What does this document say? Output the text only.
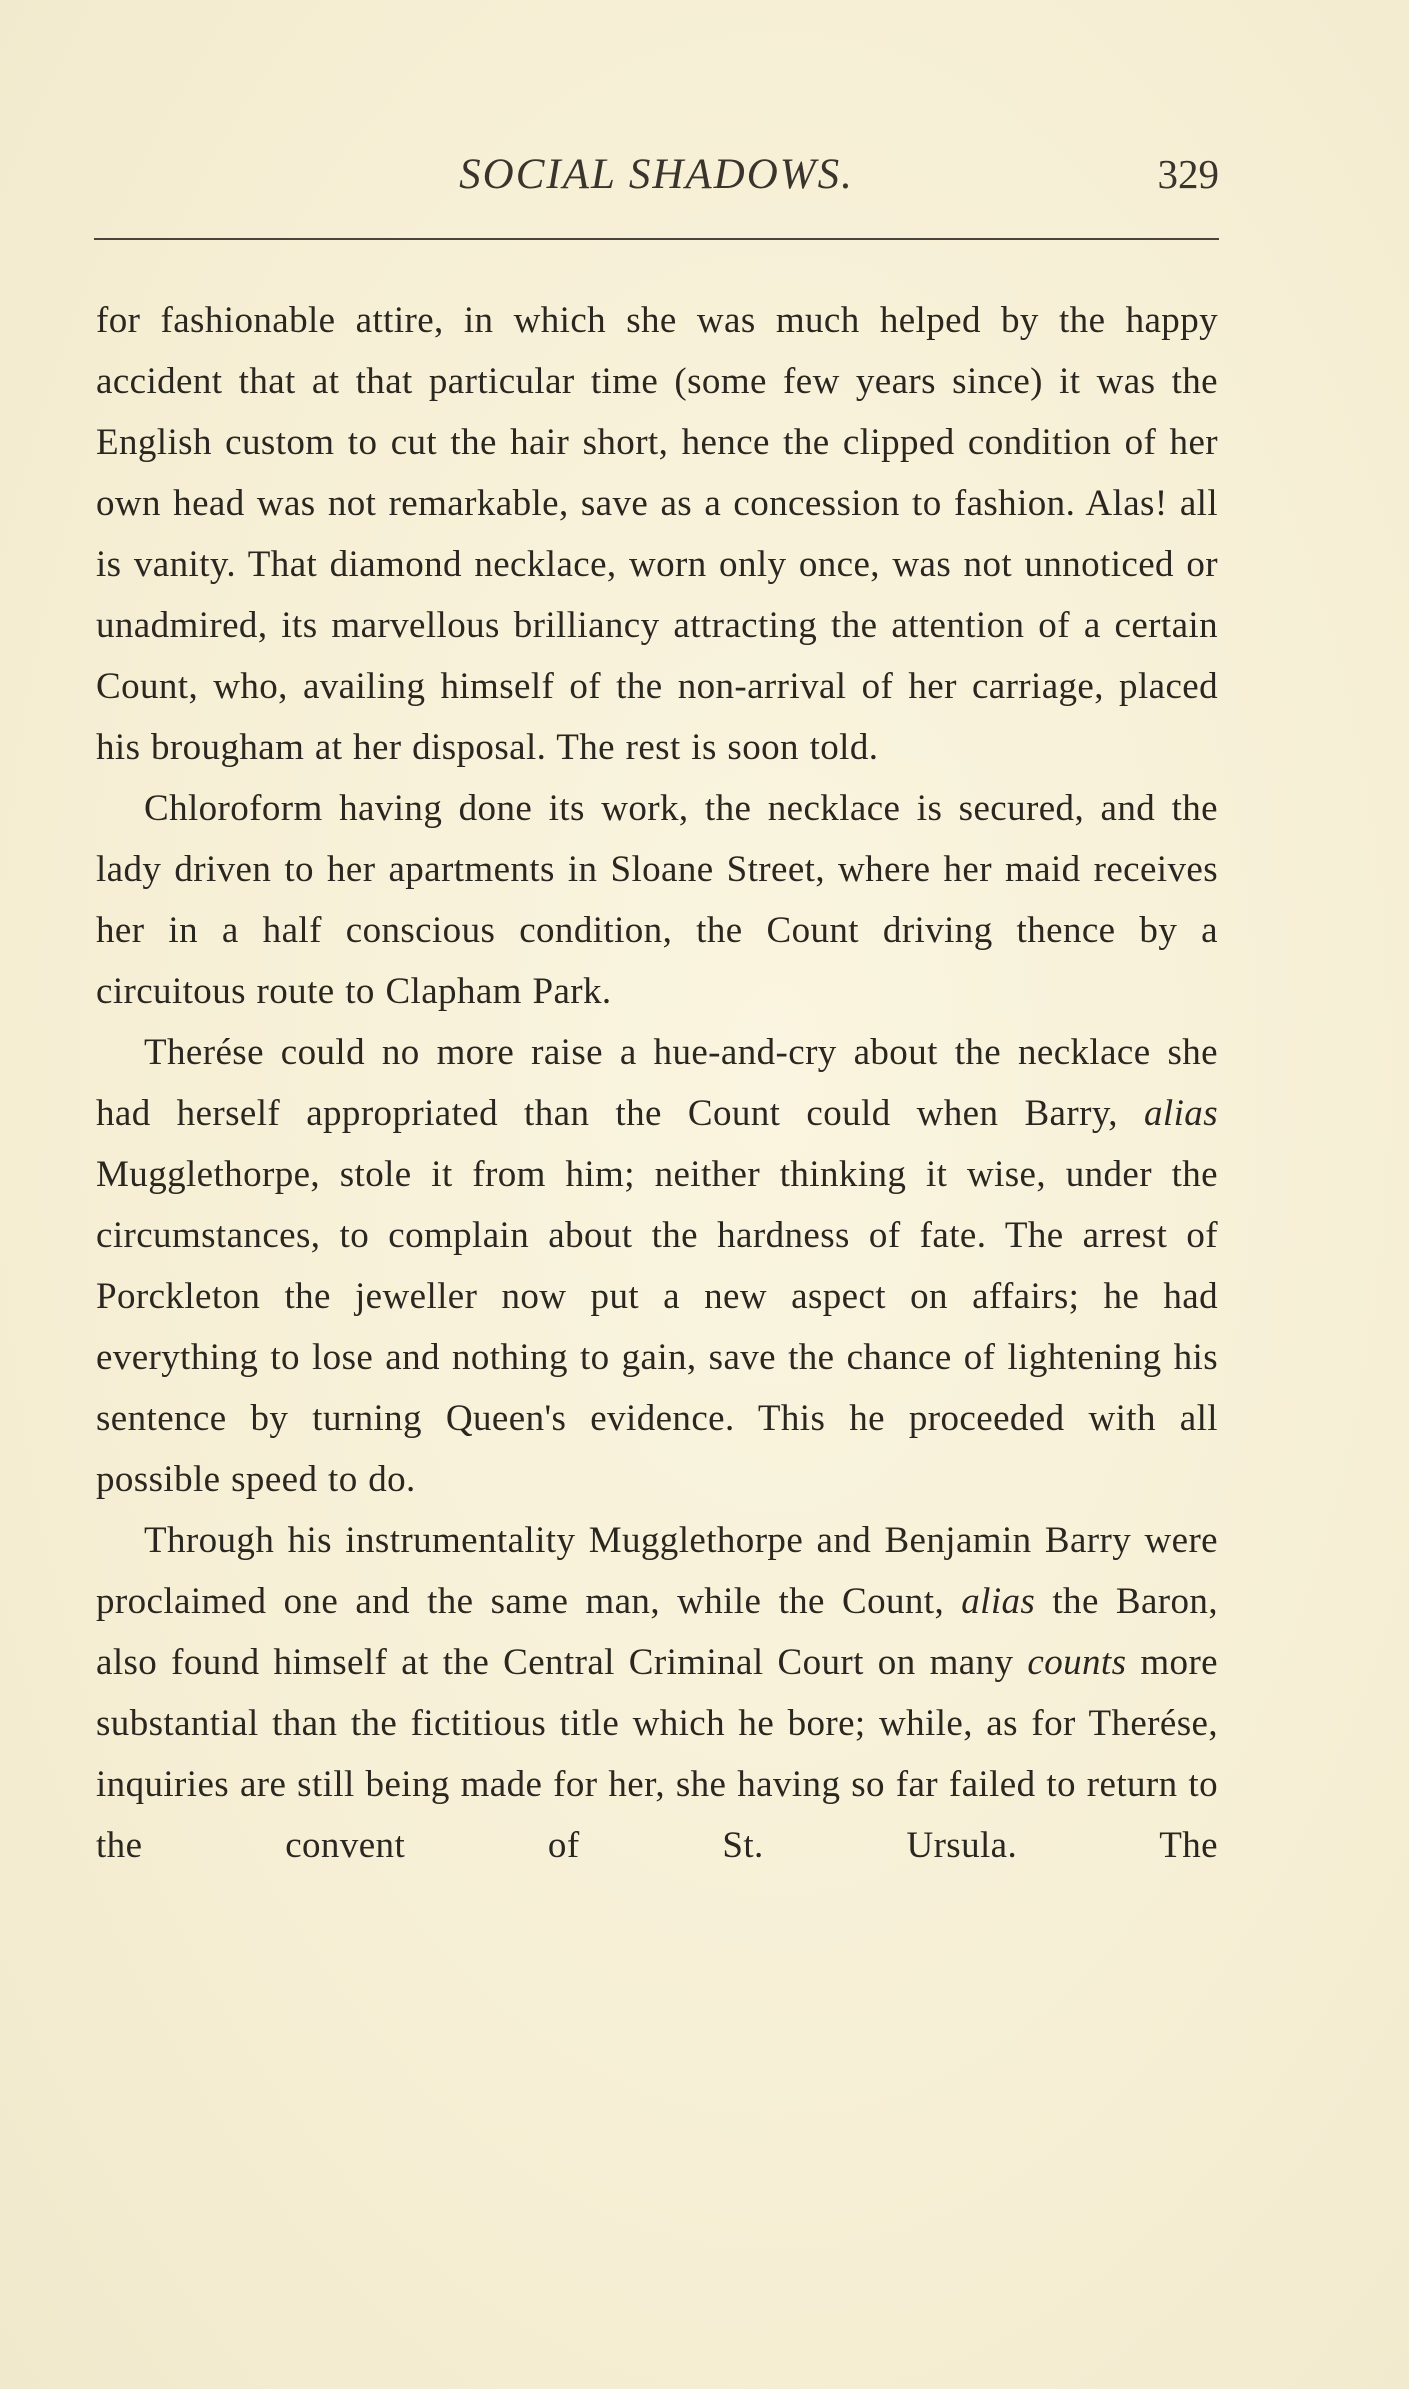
SOCIAL SHADOWS.	329

for fashionable attire, in which she was much helped by the happy accident that at that particular time (some few years since) it was the English custom to cut the hair short, hence the clipped condition of her own head was not remarkable, save as a concession to fashion. Alas! all is vanity. That diamond necklace, worn only once, was not unnoticed or unadmired, its marvellous brilliancy attracting the attention of a certain Count, who, availing himself of the non-arrival of her carriage, placed his brougham at her disposal. The rest is soon told.

Chloroform having done its work, the necklace is secured, and the lady driven to her apartments in Sloane Street, where her maid receives her in a half conscious condition, the Count driving thence by a circuitous route to Clapham Park.

Therése could no more raise a hue-and-cry about the necklace she had herself appropriated than the Count could when Barry, alias Mugglethorpe, stole it from him; neither thinking it wise, under the circumstances, to complain about the hardness of fate. The arrest of Porckleton the jeweller now put a new aspect on affairs; he had everything to lose and nothing to gain, save the chance of lightening his sentence by turning Queen's evidence. This he proceeded with all possible speed to do.

Through his instrumentality Mugglethorpe and Benjamin Barry were proclaimed one and the same man, while the Count, alias the Baron, also found himself at the Central Criminal Court on many counts more substantial than the fictitious title which he bore; while, as for Therése, inquiries are still being made for her, she having so far failed to return to the convent of St. Ursula. The
